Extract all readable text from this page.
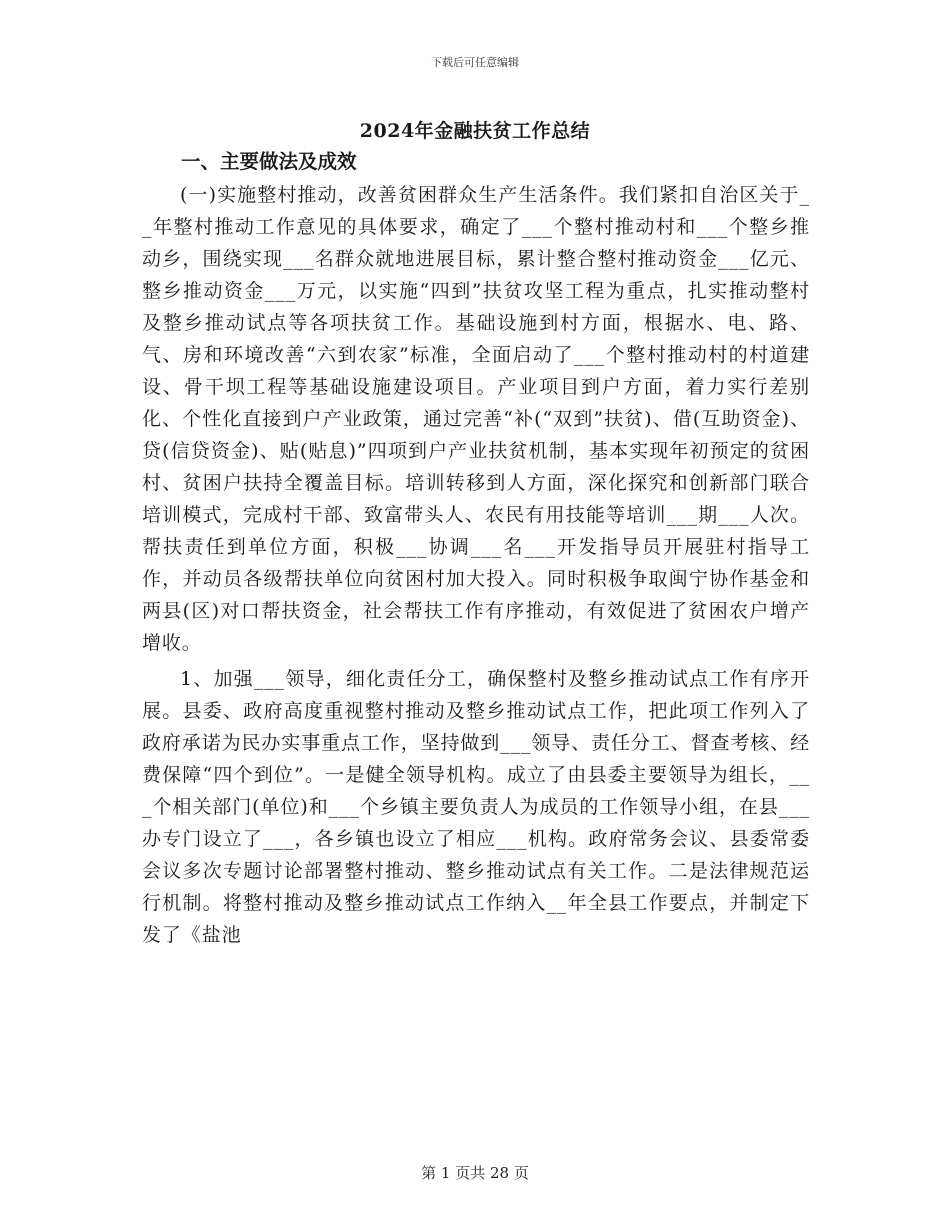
下载后可任意编辑
2024年金融扶贫工作总结

一、主要做法及成效

(一)实施整村推动，改善贫困群众生产生活条件。我们紧扣自治区关于__年整村推动工作意见的具体要求，确定了___个整村推动村和___个整乡推动乡，围绕实现___名群众就地进展目标，累计整合整村推动资金___亿元、整乡推动资金___万元，以实施“四到”扶贫攻坚工程为重点，扎实推动整村及整乡推动试点等各项扶贫工作。基础设施到村方面，根据水、电、路、气、房和环境改善“六到农家”标准，全面启动了___个整村推动村的村道建设、骨干坝工程等基础设施建设项目。产业项目到户方面，着力实行差别化、个性化直接到户产业政策，通过完善“补(“双到”扶贫)、借(互助资金)、贷(信贷资金)、贴(贴息)”四项到户产业扶贫机制，基本实现年初预定的贫困村、贫困户扶持全覆盖目标。培训转移到人方面，深化探究和创新部门联合培训模式，完成村干部、致富带头人、农民有用技能等培训___期___人次。帮扶责任到单位方面，积极___协调___名___开发指导员开展驻村指导工作，并动员各级帮扶单位向贫困村加大投入。同时积极争取闽宁协作基金和两县(区)对口帮扶资金，社会帮扶工作有序推动，有效促进了贫困农户增产增收。

1、加强___领导，细化责任分工，确保整村及整乡推动试点工作有序开展。县委、政府高度重视整村推动及整乡推动试点工作，把此项工作列入了政府承诺为民办实事重点工作，坚持做到___领导、责任分工、督查考核、经费保障“四个到位”。一是健全领导机构。成立了由县委主要领导为组长，___个相关部门(单位)和___个乡镇主要负责人为成员的工作领导小组，在县___办专门设立了___，各乡镇也设立了相应___机构。政府常务会议、县委常委会议多次专题讨论部署整村推动、整乡推动试点有关工作。二是法律规范运行机制。将整村推动及整乡推动试点工作纳入__年全县工作要点，并制定下发了《盐池

第 1 页共 28 页
